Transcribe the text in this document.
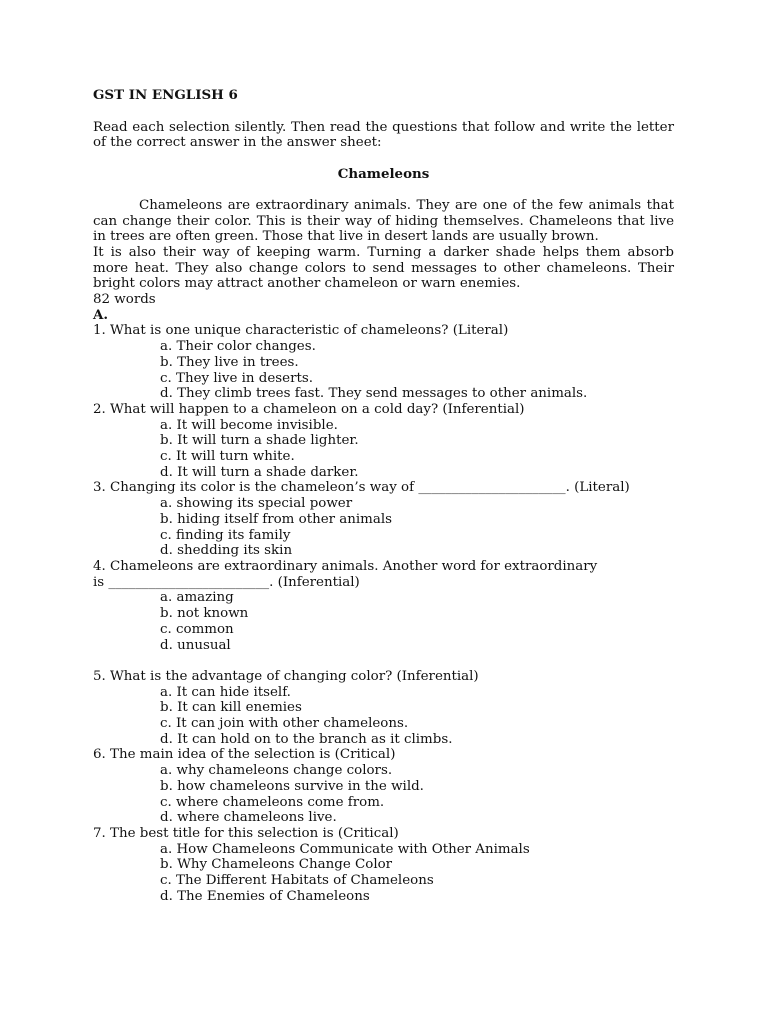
GST IN ENGLISH 6

Read each selection silently. Then read the questions that follow and write the letter of the correct answer in the answer sheet:

Chameleons

Chameleons are extraordinary animals. They are one of the few animals that can change their color. This is their way of hiding themselves. Chameleons that live in trees are often green. Those that live in desert lands are usually brown.

It is also their way of keeping warm. Turning a darker shade helps them absorb more heat. They also change colors to send messages to other chameleons. Their bright colors may attract another chameleon or warn enemies.

82 words

A.

1. What is one unique characteristic of chameleons? (Literal)

a. Their color changes.

b. They live in trees.

c. They live in deserts.

d. They climb trees fast. They send messages to other animals.

2. What will happen to a chameleon on a cold day? (Inferential)

a. It will become invisible.

b. It will turn a shade lighter.

c. It will turn white.

d. It will turn a shade darker.

3. Changing its color is the chameleon’s way of ______________________. (Literal)

a. showing its special power

b. hiding itself from other animals

c. finding its family

d. shedding its skin

4. Chameleons are extraordinary animals. Another word for extraordinary

is ________________________. (Inferential)

a. amazing

b. not known

c. common

d. unusual

5. What is the advantage of changing color? (Inferential)

a. It can hide itself.

b. It can kill enemies

c. It can join with other chameleons.

d. It can hold on to the branch as it climbs.

6. The main idea of the selection is (Critical)

a. why chameleons change colors.

b. how chameleons survive in the wild.

c. where chameleons come from.

d. where chameleons live.

7. The best title for this selection is (Critical)

a. How Chameleons Communicate with Other Animals

b. Why Chameleons Change Color

c. The Different Habitats of Chameleons

d. The Enemies of Chameleons
